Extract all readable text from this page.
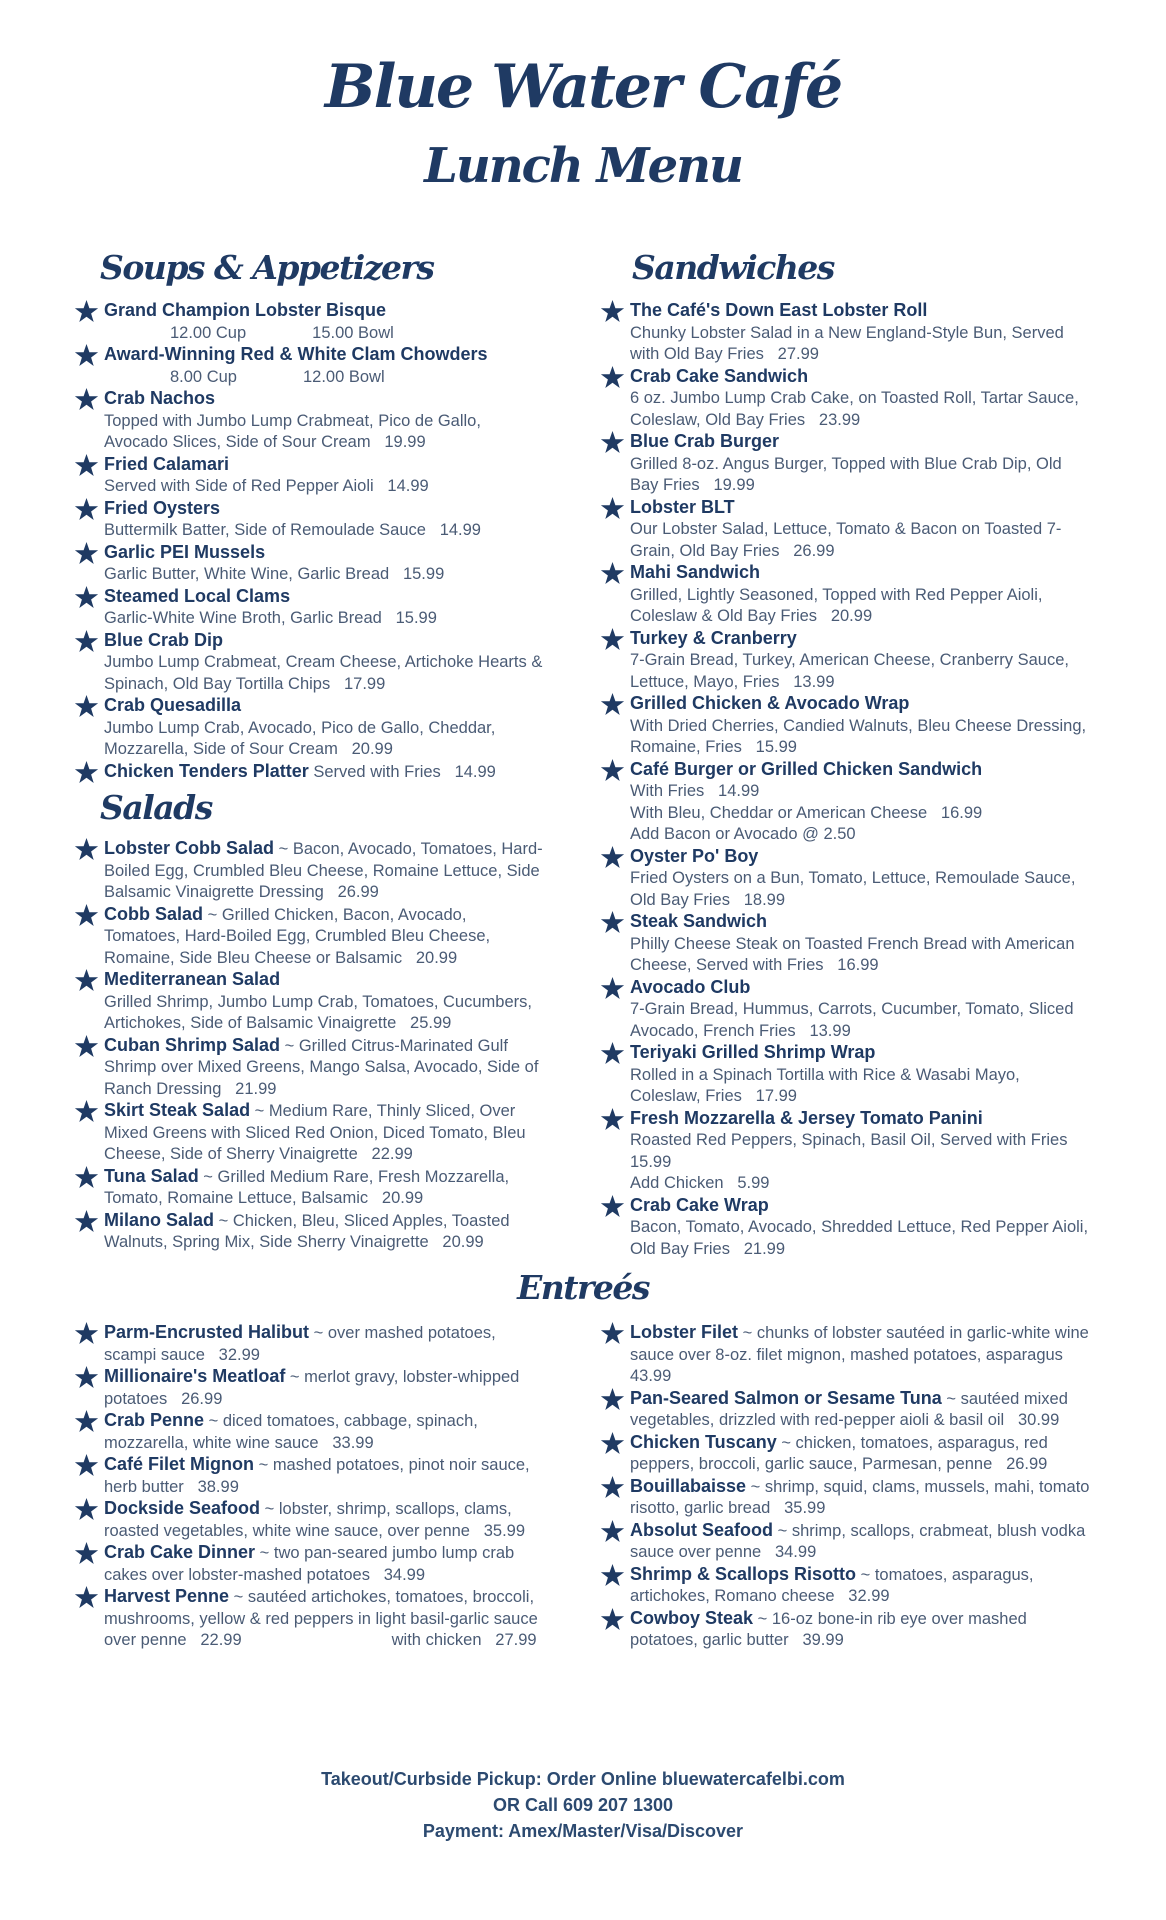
Blue Water Café
Lunch Menu
Soups & Appetizers
Grand Champion Lobster Bisque
12.00 Cup	15.00 Bowl
Award-Winning Red & White Clam Chowders
8.00 Cup	12.00 Bowl
Crab Nachos
Topped with Jumbo Lump Crabmeat, Pico de Gallo, Avocado Slices, Side of Sour Cream 19.99
Fried Calamari
Served with Side of Red Pepper Aioli 14.99
Fried Oysters
Buttermilk Batter, Side of Remoulade Sauce 14.99
Garlic PEI Mussels
Garlic Butter, White Wine, Garlic Bread 15.99
Steamed Local Clams
Garlic-White Wine Broth, Garlic Bread 15.99
Blue Crab Dip
Jumbo Lump Crabmeat, Cream Cheese, Artichoke Hearts & Spinach, Old Bay Tortilla Chips 17.99
Crab Quesadilla
Jumbo Lump Crab, Avocado, Pico de Gallo, Cheddar, Mozzarella, Side of Sour Cream 20.99
Chicken Tenders Platter Served with Fries 14.99
Salads
Lobster Cobb Salad ~ Bacon, Avocado, Tomatoes, Hard-Boiled Egg, Crumbled Bleu Cheese, Romaine Lettuce, Side Balsamic Vinaigrette Dressing 26.99
Cobb Salad ~ Grilled Chicken, Bacon, Avocado, Tomatoes, Hard-Boiled Egg, Crumbled Bleu Cheese, Romaine, Side Bleu Cheese or Balsamic 20.99
Mediterranean Salad
Grilled Shrimp, Jumbo Lump Crab, Tomatoes, Cucumbers, Artichokes, Side of Balsamic Vinaigrette 25.99
Cuban Shrimp Salad ~ Grilled Citrus-Marinated Gulf Shrimp over Mixed Greens, Mango Salsa, Avocado, Side of Ranch Dressing 21.99
Skirt Steak Salad ~ Medium Rare, Thinly Sliced, Over Mixed Greens with Sliced Red Onion, Diced Tomato, Bleu Cheese, Side of Sherry Vinaigrette 22.99
Tuna Salad ~ Grilled Medium Rare, Fresh Mozzarella, Tomato, Romaine Lettuce, Balsamic 20.99
Milano Salad ~ Chicken, Bleu, Sliced Apples, Toasted Walnuts, Spring Mix, Side Sherry Vinaigrette 20.99
Sandwiches
The Café's Down East Lobster Roll
Chunky Lobster Salad in a New England-Style Bun, Served with Old Bay Fries 27.99
Crab Cake Sandwich
6 oz. Jumbo Lump Crab Cake, on Toasted Roll, Tartar Sauce, Coleslaw, Old Bay Fries 23.99
Blue Crab Burger
Grilled 8-oz. Angus Burger, Topped with Blue Crab Dip, Old Bay Fries 19.99
Lobster BLT
Our Lobster Salad, Lettuce, Tomato & Bacon on Toasted 7-Grain, Old Bay Fries 26.99
Mahi Sandwich
Grilled, Lightly Seasoned, Topped with Red Pepper Aioli, Coleslaw & Old Bay Fries 20.99
Turkey & Cranberry
7-Grain Bread, Turkey, American Cheese, Cranberry Sauce, Lettuce, Mayo, Fries 13.99
Grilled Chicken & Avocado Wrap
With Dried Cherries, Candied Walnuts, Bleu Cheese Dressing, Romaine, Fries 15.99
Café Burger or Grilled Chicken Sandwich
With Fries 14.99
With Bleu, Cheddar or American Cheese 16.99
Add Bacon or Avocado @ 2.50
Oyster Po' Boy
Fried Oysters on a Bun, Tomato, Lettuce, Remoulade Sauce, Old Bay Fries 18.99
Steak Sandwich
Philly Cheese Steak on Toasted French Bread with American Cheese, Served with Fries 16.99
Avocado Club
7-Grain Bread, Hummus, Carrots, Cucumber, Tomato, Sliced Avocado, French Fries 13.99
Teriyaki Grilled Shrimp Wrap
Rolled in a Spinach Tortilla with Rice & Wasabi Mayo, Coleslaw, Fries 17.99
Fresh Mozzarella & Jersey Tomato Panini
Roasted Red Peppers, Spinach, Basil Oil, Served with Fries   15.99
Add Chicken 5.99
Crab Cake Wrap
Bacon, Tomato, Avocado, Shredded Lettuce, Red Pepper Aioli, Old Bay Fries 21.99
Entreés
Parm-Encrusted Halibut ~ over mashed potatoes, scampi sauce 32.99
Millionaire's Meatloaf ~ merlot gravy, lobster-whipped potatoes 26.99
Crab Penne ~ diced tomatoes, cabbage, spinach, mozzarella, white wine sauce 33.99
Café Filet Mignon ~ mashed potatoes, pinot noir sauce, herb butter 38.99
Dockside Seafood ~ lobster, shrimp, scallops, clams, roasted vegetables, white wine sauce, over penne 35.99
Crab Cake Dinner ~ two pan-seared jumbo lump crab cakes over lobster-mashed potatoes 34.99
Harvest Penne ~ sautéed artichokes, tomatoes, broccoli, mushrooms, yellow & red peppers in light basil-garlic sauce over penne 22.99	with chicken 27.99
Lobster Filet ~ chunks of lobster sautéed in garlic-white wine sauce over 8-oz. filet mignon, mashed potatoes, asparagus   43.99
Pan-Seared Salmon or Sesame Tuna ~ sautéed mixed vegetables, drizzled with red-pepper aioli & basil oil 30.99
Chicken Tuscany ~ chicken, tomatoes, asparagus, red peppers, broccoli, garlic sauce, Parmesan, penne 26.99
Bouillabaisse ~ shrimp, squid, clams, mussels, mahi, tomato risotto, garlic bread 35.99
Absolut Seafood ~ shrimp, scallops, crabmeat, blush vodka sauce over penne 34.99
Shrimp & Scallops Risotto ~ tomatoes, asparagus, artichokes, Romano cheese 32.99
Cowboy Steak ~ 16-oz bone-in rib eye over mashed potatoes, garlic butter 39.99
Takeout/Curbside Pickup: Order Online bluewatercafelbi.com
OR Call 609 207 1300
Payment: Amex/Master/Visa/Discover
